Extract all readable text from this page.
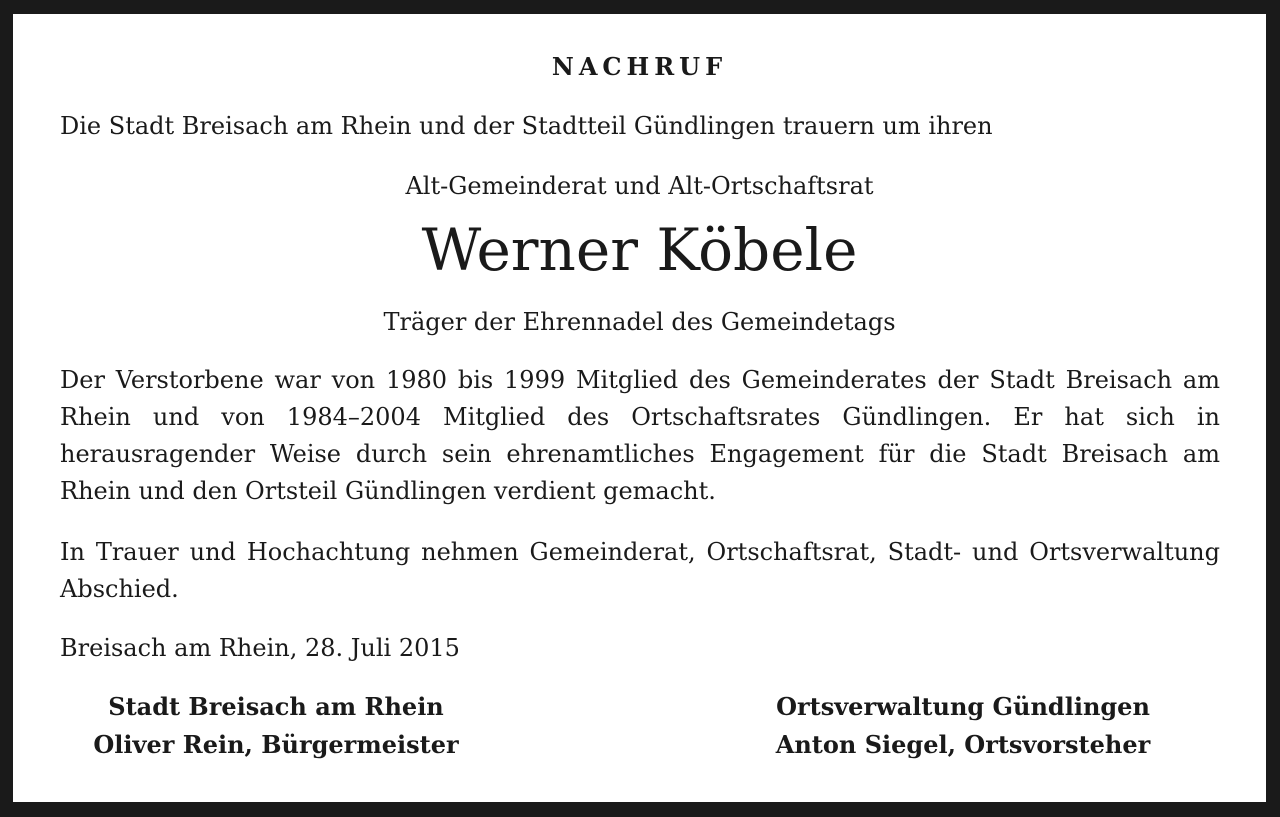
NACHRUF
Die Stadt Breisach am Rhein und der Stadtteil Gündlingen trauern um ihren
Alt-Gemeinderat und Alt-Ortschaftsrat
Werner Köbele
Träger der Ehrennadel des Gemeindetags
Der Verstorbene war von 1980 bis 1999 Mitglied des Gemeinderates der Stadt Breisach am Rhein und von 1984–2004 Mitglied des Ortschaftsrates Gündlingen. Er hat sich in herausragender Weise durch sein ehrenamtliches Engagement für die Stadt Breisach am Rhein und den Ortsteil Gündlingen verdient gemacht.
In Trauer und Hochachtung nehmen Gemeinderat, Ortschaftsrat, Stadt- und Ortsverwaltung Abschied.
Breisach am Rhein, 28. Juli 2015
Stadt Breisach am Rhein
Oliver Rein, Bürgermeister
Ortsverwaltung Gündlingen
Anton Siegel, Ortsvorsteher
